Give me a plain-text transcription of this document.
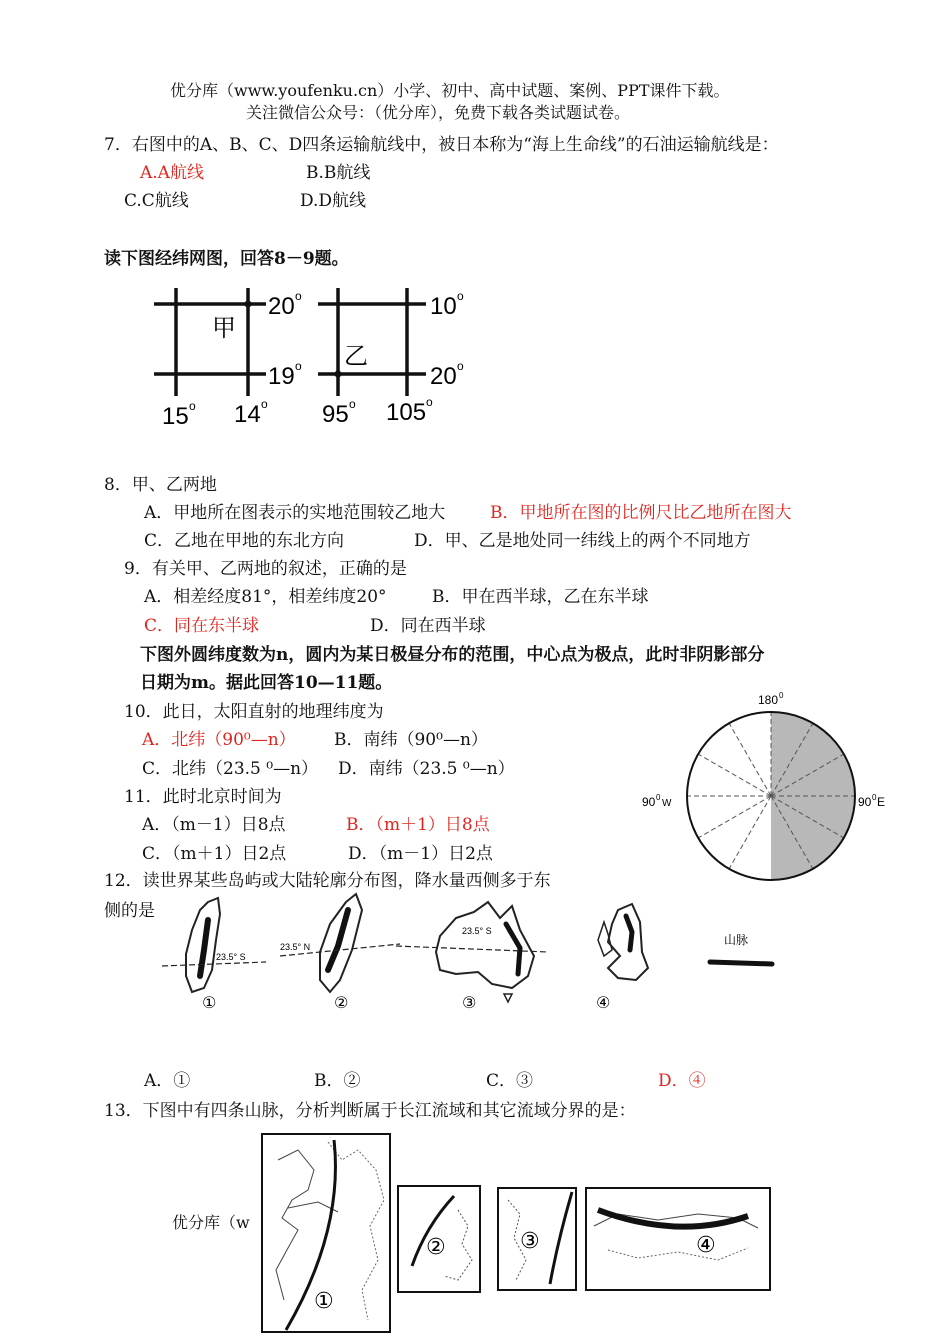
优分库（www.youfenku.cn）小学、初中、高中试题、案例、PPT课件下载。
关注微信公众号：（优分库），免费下载各类试题试卷。
7．右图中的A、B、C、D四条运输航线中，被日本称为“海上生命线”的石油运输航线是：
A.A航线	B.B航线
C.C航线	D.D航线
读下图经纬网图，回答8－9题。
甲
乙
20 o
19 o
10 o
20 o
15 o 14 o 95 o 105 o
8．甲、乙两地
A．甲地所在图表示的实地范围较乙地大	B．甲地所在图的比例尺比乙地所在图大
C．乙地在甲地的东北方向	D．甲、乙是地处同一纬线上的两个不同地方
9．有关甲、乙两地的叙述，正确的是
A．相差经度81°，相差纬度20°	B．甲在西半球，乙在东半球
C．同在东半球	D．同在西半球
下图外圆纬度数为n，圆内为某日极昼分布的范围，中心点为极点，此时非阴影部分
日期为m。据此回答10—11题。
10．此日，太阳直射的地理纬度为
A．北纬（90⁰—n） B．南纬（90⁰—n）
C．北纬（23.5 ⁰—n） D．南纬（23.5 ⁰—n）
11．此时北京时间为
A．（m－1）日8点	B．（m＋1）日8点
C．（m＋1）日2点	D．（m－1）日2点
180 0
90 0
W	90 0 E
12．读世界某些岛屿或大陆轮廓分布图，降水量西侧多于东
侧的是
23.5° S
①
23.5° N
②
23.5° S
③	④
山脉
A．①	B．②	C．③	D．④
13．下图中有四条山脉，分析判断属于长江流域和其它流域分界的是：
优分库（w
①
②	③	④
